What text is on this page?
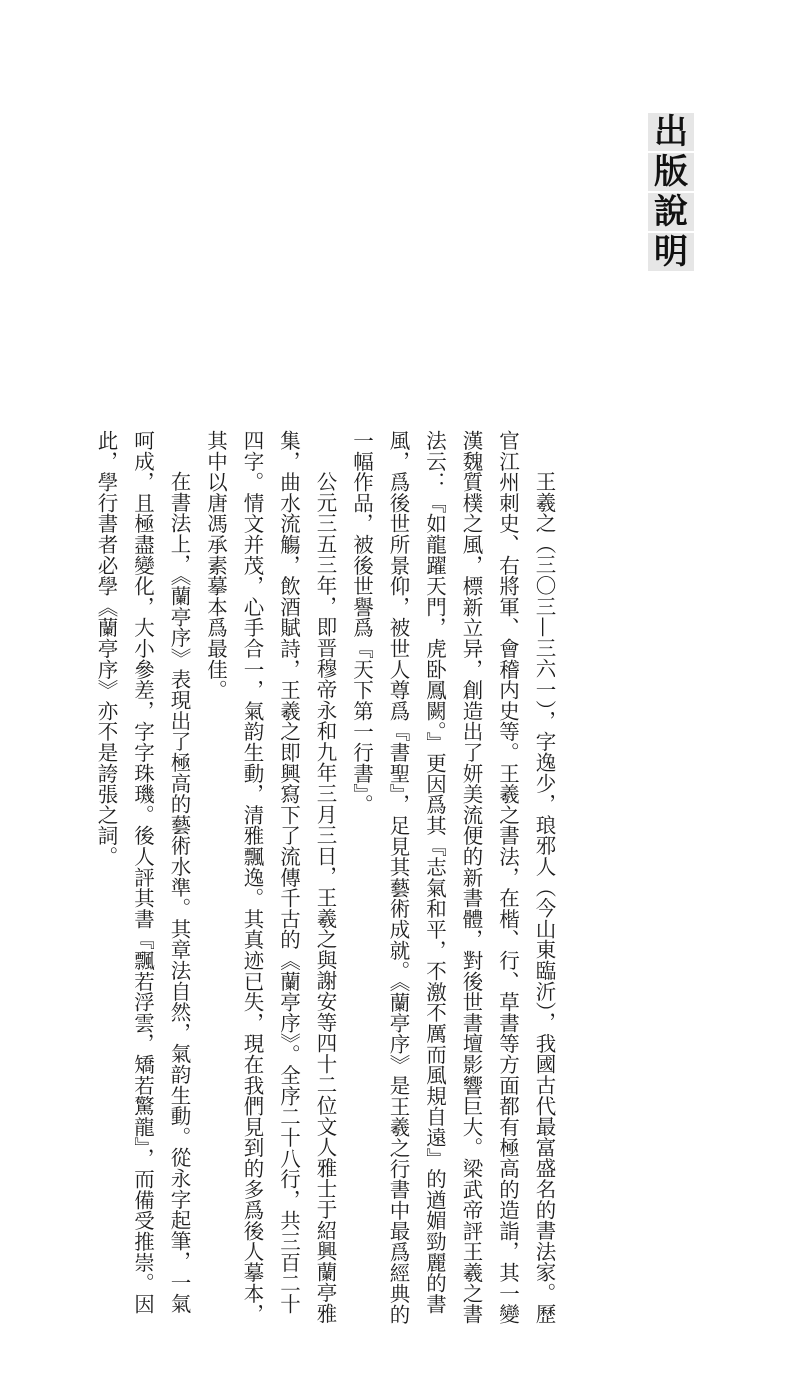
出
版
說
明

王羲之（三〇三—三六一），字逸少，琅邪人（今山東臨沂），我國古代最富盛名的書法家。歷官江州刺史、右將軍、會稽内史等。王羲之書法，在楷、行、草書等方面都有極高的造詣，其一變漢魏質樸之風，標新立异，創造出了妍美流便的新書體，對後世書壇影響巨大。梁武帝評王羲之書法云：『如龍躍天門，虎卧鳳闕。』更因爲其『志氣和平，不激不厲而風規自遠』的遒媚勁麗的書風，爲後世所景仰，被世人尊爲『書聖』，足見其藝術成就。《蘭亭序》是王羲之行書中最爲經典的一幅作品，被後世譽爲『天下第一行書』。

公元三五三年，即晋穆帝永和九年三月三日，王羲之與謝安等四十二位文人雅士于紹興蘭亭雅集，曲水流觴，飲酒賦詩，王羲之即興寫下了流傳千古的《蘭亭序》。全序二十八行，共三百二十四字。情文并茂，心手合一，氣韵生動，清雅飄逸。其真迹已失，現在我們見到的多爲後人摹本，其中以唐馮承素摹本爲最佳。

在書法上，《蘭亭序》表現出了極高的藝術水準。其章法自然，氣韵生動。從永字起筆，一氣呵成，且極盡變化，大小參差，字字珠璣。後人評其書『飄若浮雲，矯若驚龍』，而備受推崇。因此，學行書者必學《蘭亭序》亦不是誇張之詞。
